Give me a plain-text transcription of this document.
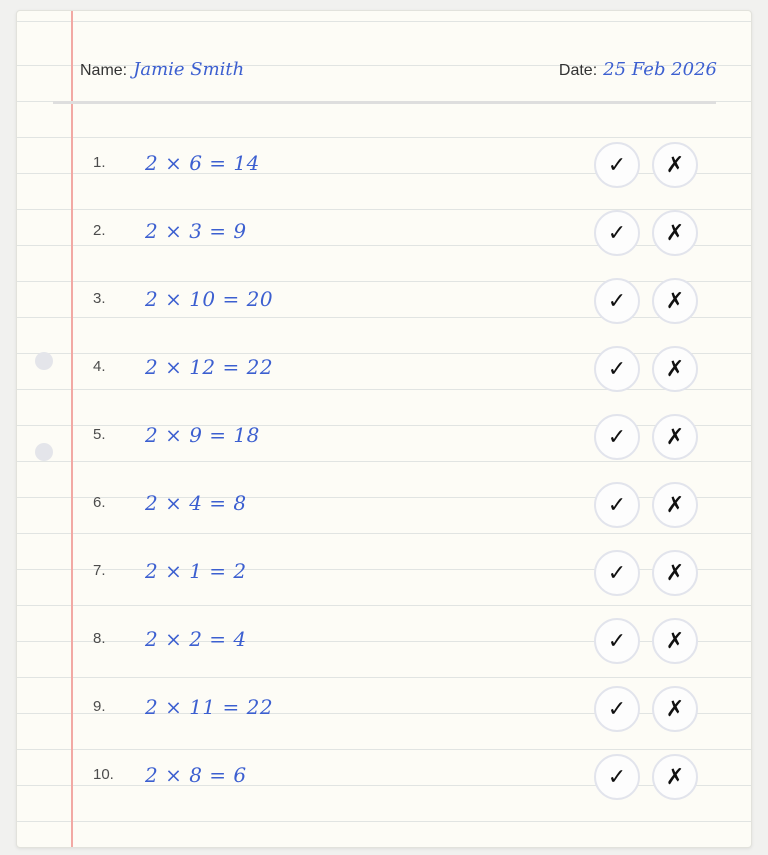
Name: Jamie Smith	Date: 25 Feb 2026
1. 2 × 6 = 14	✓ ✗
2. 2 × 3 = 9	✓ ✗
3. 2 × 10 = 20	✓ ✗
4. 2 × 12 = 22	✓ ✗
5. 2 × 9 = 18	✓ ✗
6. 2 × 4 = 8	✓ ✗
7. 2 × 1 = 2	✓ ✗
8. 2 × 2 = 4	✓ ✗
9. 2 × 11 = 22	✓ ✗
10. 2 × 8 = 6	✓ ✗
